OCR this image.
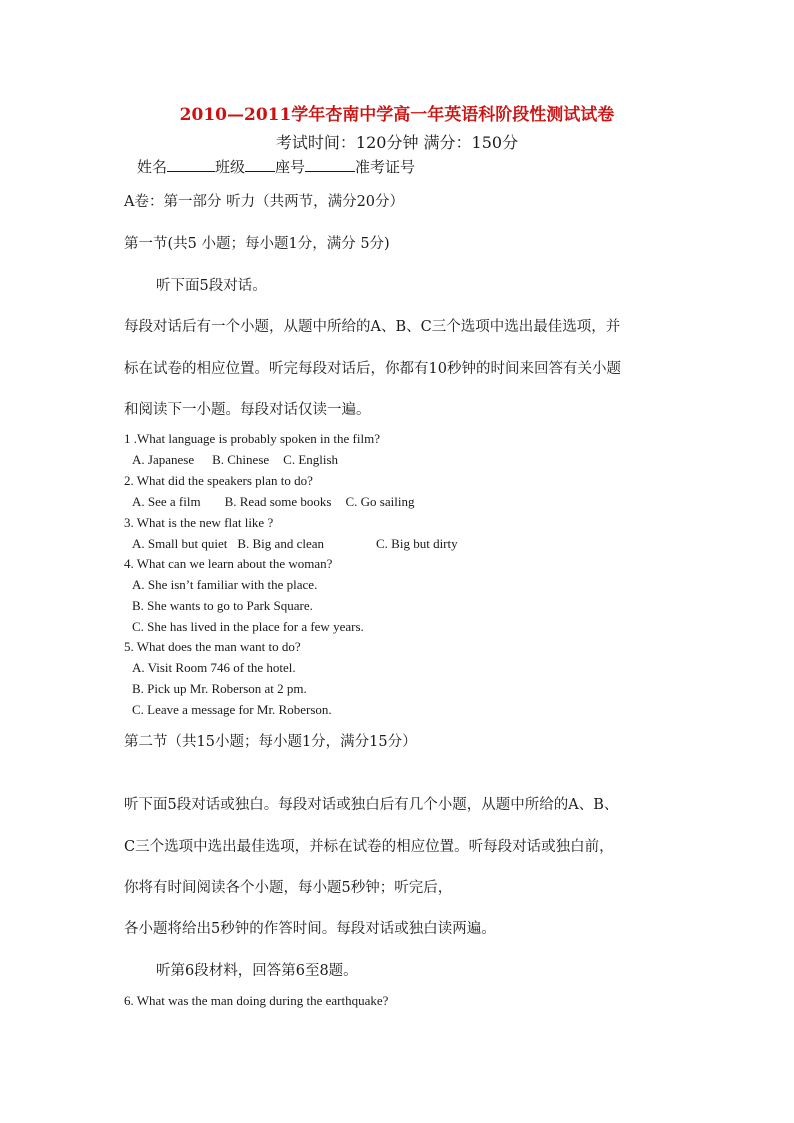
2010—2011学年杏南中学高一年英语科阶段性测试试卷
考试时间：120分钟 满分：150分
姓名	班级 座号	准考证号
A卷：第一部分 听力（共两节，满分20分）
第一节(共5 小题；每小题1分，满分 5分)
听下面5段对话。
每段对话后有一个小题，从题中所给的A、B、C三个选项中选出最佳选项，并
标在试卷的相应位置。听完每段对话后，你都有10秒钟的时间来回答有关小题
和阅读下一小题。每段对话仅读一遍。
1 .What language is probably spoken in the film?
A. Japanese B. Chinese C. English
2. What did the speakers plan to do?
A. See a film B. Read some books C. Go sailing
3. What is the new flat like ?
A. Small but quiet B. Big and clean	C. Big but dirty
4. What can we learn about the woman?
A. She isn’t familiar with the place.
B. She wants to go to Park Square.
C. She has lived in the place for a few years.
5. What does the man want to do?
A. Visit Room 746 of the hotel.
B. Pick up Mr. Roberson at 2 pm.
C. Leave a message for Mr. Roberson.
第二节（共15小题；每小题1分，满分15分）
听下面5段对话或独白。每段对话或独白后有几个小题，从题中所给的A、B、
C三个选项中选出最佳选项，并标在试卷的相应位置。听每段对话或独白前，
你将有时间阅读各个小题，每小题5秒钟；听完后，
各小题将给出5秒钟的作答时间。每段对话或独白读两遍。
听第6段材料，回答第6至8题。
6. What was the man doing during the earthquake?
